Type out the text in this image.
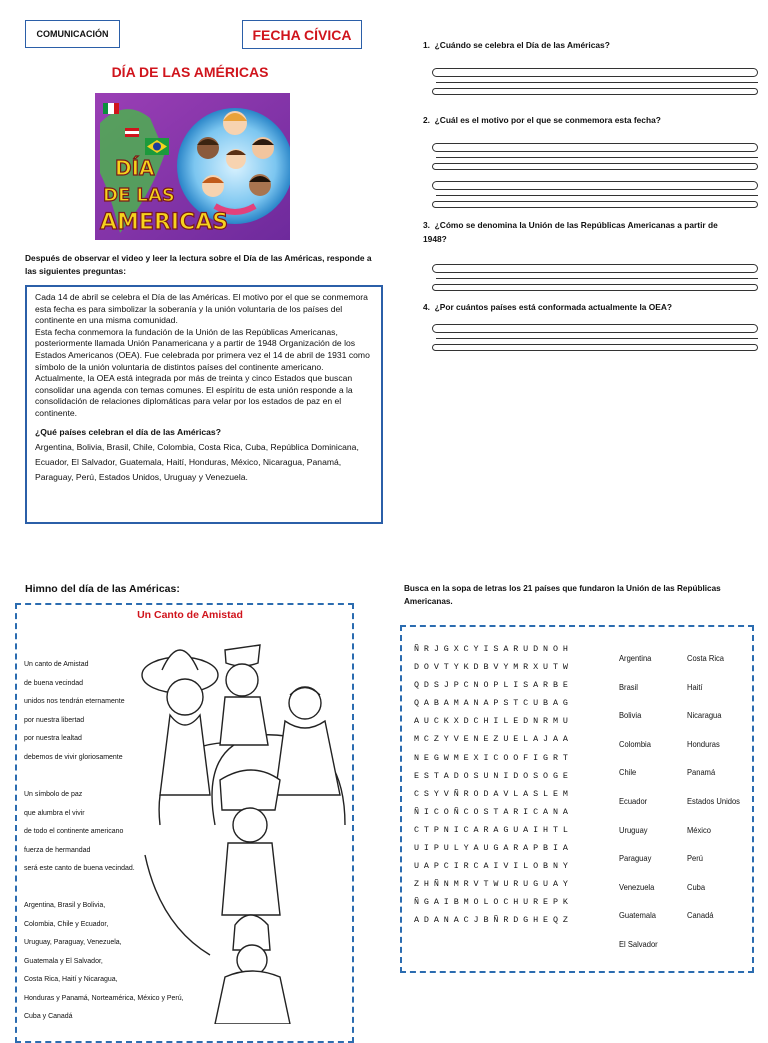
COMUNICACIÓN	FECHA CÍVICA
DÍA DE LAS AMÉRICAS
DÍA
DE LAS
AMERICAS
Después de observar el video y leer la lectura sobre el Día de las Américas, responde a las siguientes preguntas:

Cada 14 de abril se celebra el Día de las Américas. El motivo por el que se conmemora esta fecha es para simbolizar la soberanía y la unión voluntaria de los países del continente en una misma comunidad.

Esta fecha conmemora la fundación de la Unión de las Repúblicas Americanas, posteriormente llamada Unión Panamericana y a partir de 1948 Organización de los Estados Americanos (OEA). Fue celebrada por primera vez el 14 de abril de 1931 como símbolo de la unión voluntaria de distintos países del continente americano. Actualmente, la OEA está integrada por más de treinta y cinco Estados que buscan consolidar una agenda con temas comunes. El espíritu de esta unión responde a la consolidación de relaciones diplomáticas para velar por los estados de paz en el continente.

¿Qué países celebran el día de las Américas?

Argentina, Bolivia, Brasil, Chile, Colombia, Costa Rica, Cuba, República Dominicana, Ecuador, El Salvador, Guatemala, Haití, Honduras, México, Nicaragua, Panamá, Paraguay, Perú, Estados Unidos, Uruguay y Venezuela.

1. ¿Cuándo se celebra el Día de las Américas?
2. ¿Cuál es el motivo por el que se conmemora esta fecha?
3. ¿Cómo se denomina la Unión de las Repúblicas Americanas a partir de 1948?
4. ¿Por cuántos países está conformada actualmente la OEA?
Himno del día de las Américas:
Un Canto de Amistad
Un canto de Amistad
de buena vecindad
unidos nos tendrán eternamente
por nuestra libertad
por nuestra lealtad
debemos de vivir gloriosamente
Un símbolo de paz
que alumbra el vivir
de todo el continente americano
fuerza de hermandad
será este canto de buena vecindad.
Argentina, Brasil y Bolivia,
Colombia, Chile y Ecuador,
Uruguay, Paraguay, Venezuela,
Guatemala y El Salvador,
Costa Rica, Haití y Nicaragua,
Honduras y Panamá, Norteamérica, México y Perú,
Cuba y Canadá
Busca en la sopa de letras los 21 países que fundaron la Unión de las Repúblicas Americanas.
ÑRJGXCYISARUDNOH
DOVTYKDBVYMRXUTW
QDSJPCNOPLISARBE
QABAMANAPSTCUBAG
AUCKXDCHILEDNRMU
MCZYVENEZUELAJAA
NEGWMEXICOOFIGRT
ESTADOSUNIDOSOGE
CSYVÑRODAVLASLEM
ÑICOÑCOSTARICANA
CTPNICARAGUAIHTL
UIPULYAUGARAPBIA
UAPCIRCAIVILOBNY
ZHÑNMRVTWURUGUAY
ÑGAIBMOLOCHUREPK
ADANACJBÑRDGHEQZ
Argentina
Brasil
Bolivia
Colombia
Chile
Ecuador
Uruguay
Paraguay
Venezuela
Guatemala
El Salvador
Costa Rica
Haití
Nicaragua
Honduras
Panamá
Estados Unidos
México
Perú
Cuba
Canadá
